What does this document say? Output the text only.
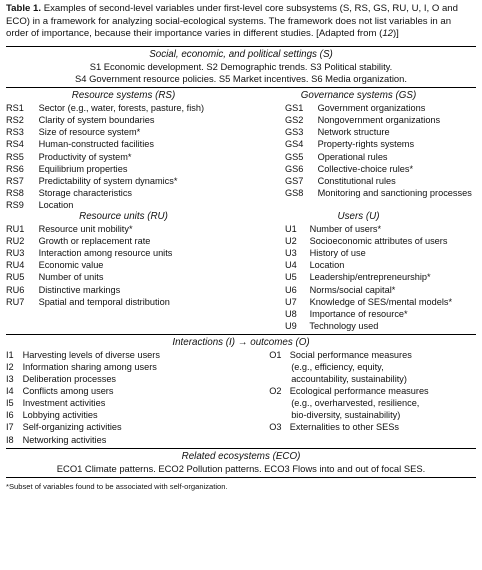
Table 1. Examples of second-level variables under first-level core subsystems (S, RS, GS, RU, U, I, O and ECO) in a framework for analyzing social-ecological systems. The framework does not list variables in an order of importance, because their importance varies in different studies. [Adapted from (12)]
Social, economic, and political settings (S)
S1 Economic development. S2 Demographic trends. S3 Political stability.
S4 Government resource policies. S5 Market incentives. S6 Media organization.
Resource systems (RS)
RS1 Sector (e.g., water, forests, pasture, fish)
RS2 Clarity of system boundaries
RS3 Size of resource system*
RS4 Human-constructed facilities
RS5 Productivity of system*
RS6 Equilibrium properties
RS7 Predictability of system dynamics*
RS8 Storage characteristics
RS9 Location
Governance systems (GS)
GS1 Government organizations
GS2 Nongovernment organizations
GS3 Network structure
GS4 Property-rights systems
GS5 Operational rules
GS6 Collective-choice rules*
GS7 Constitutional rules
GS8 Monitoring and sanctioning processes
Resource units (RU)
RU1 Resource unit mobility*
RU2 Growth or replacement rate
RU3 Interaction among resource units
RU4 Economic value
RU5 Number of units
RU6 Distinctive markings
RU7 Spatial and temporal distribution
Users (U)
U1 Number of users*
U2 Socioeconomic attributes of users
U3 History of use
U4 Location
U5 Leadership/entrepreneurship*
U6 Norms/social capital*
U7 Knowledge of SES/mental models*
U8 Importance of resource*
U9 Technology used
Interactions (I) → outcomes (O)
I1 Harvesting levels of diverse users
I2 Information sharing among users
I3 Deliberation processes
I4 Conflicts among users
I5 Investment activities
I6 Lobbying activities
I7 Self-organizing activities
I8 Networking activities
O1 Social performance measures
(e.g., efficiency, equity,
accountability, sustainability)
O2 Ecological performance measures
(e.g., overharvested, resilience,
bio-diversity, sustainability)
O3 Externalities to other SESs
Related ecosystems (ECO)
ECO1 Climate patterns. ECO2 Pollution patterns. ECO3 Flows into and out of focal SES.
*Subset of variables found to be associated with self-organization.
